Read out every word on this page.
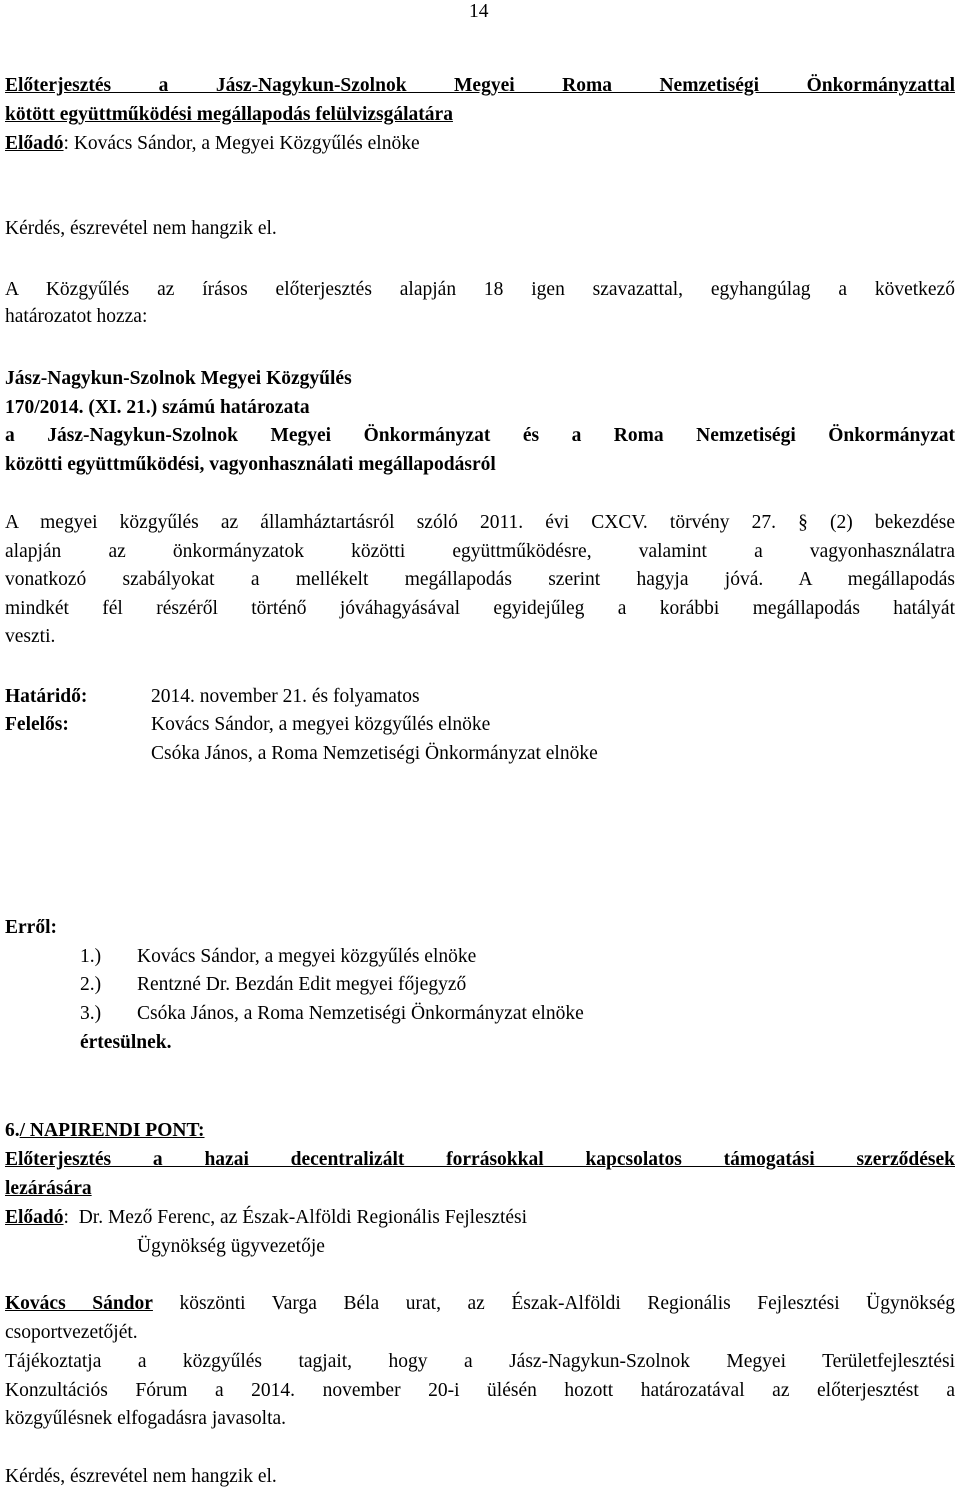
14
Előterjesztés a Jász-Nagykun-Szolnok Megyei Roma Nemzetiségi Önkormányzattal
kötött együttműködési megállapodás felülvizsgálatára
Előadó: Kovács Sándor, a Megyei Közgyűlés elnöke
Kérdés, észrevétel nem hangzik el.
A Közgyűlés az írásos előterjesztés alapján 18 igen szavazattal, egyhangúlag a következő
határozatot hozza:
Jász-Nagykun-Szolnok Megyei Közgyűlés
170/2014. (XI. 21.) számú határozata
a Jász-Nagykun-Szolnok Megyei Önkormányzat és a Roma Nemzetiségi Önkormányzat
közötti együttműködési, vagyonhasználati megállapodásról
A megyei közgyűlés az államháztartásról szóló 2011. évi CXCV. törvény 27. § (2) bekezdése
alapján az önkormányzatok közötti együttműködésre, valamint a vagyonhasználatra
vonatkozó szabályokat a mellékelt megállapodás szerint hagyja jóvá. A megállapodás
mindkét fél részéről történő jóváhagyásával egyidejűleg a korábbi megállapodás hatályát
veszti.
Határidő:	2014. november 21. és folyamatos
Felelős:	Kovács Sándor, a megyei közgyűlés elnöke
Csóka János, a Roma Nemzetiségi Önkormányzat elnöke
Erről:
1.) Kovács Sándor, a megyei közgyűlés elnöke
2.) Rentzné Dr. Bezdán Edit megyei főjegyző
3.) Csóka János, a Roma Nemzetiségi Önkormányzat elnöke
értesülnek.
6./ NAPIRENDI PONT:
Előterjesztés a hazai decentralizált forrásokkal kapcsolatos támogatási szerződések
lezárására
Előadó:  Dr. Mező Ferenc, az Észak-Alföldi Regionális Fejlesztési
Ügynökség ügyvezetője
Kovács Sándor köszönti Varga Béla urat, az Észak-Alföldi Regionális Fejlesztési Ügynökség
csoportvezetőjét.
Tájékoztatja a közgyűlés tagjait, hogy a Jász-Nagykun-Szolnok Megyei Területfejlesztési
Konzultációs Fórum a 2014. november 20-i ülésén hozott határozatával az előterjesztést a
közgyűlésnek elfogadásra javasolta.
Kérdés, észrevétel nem hangzik el.
